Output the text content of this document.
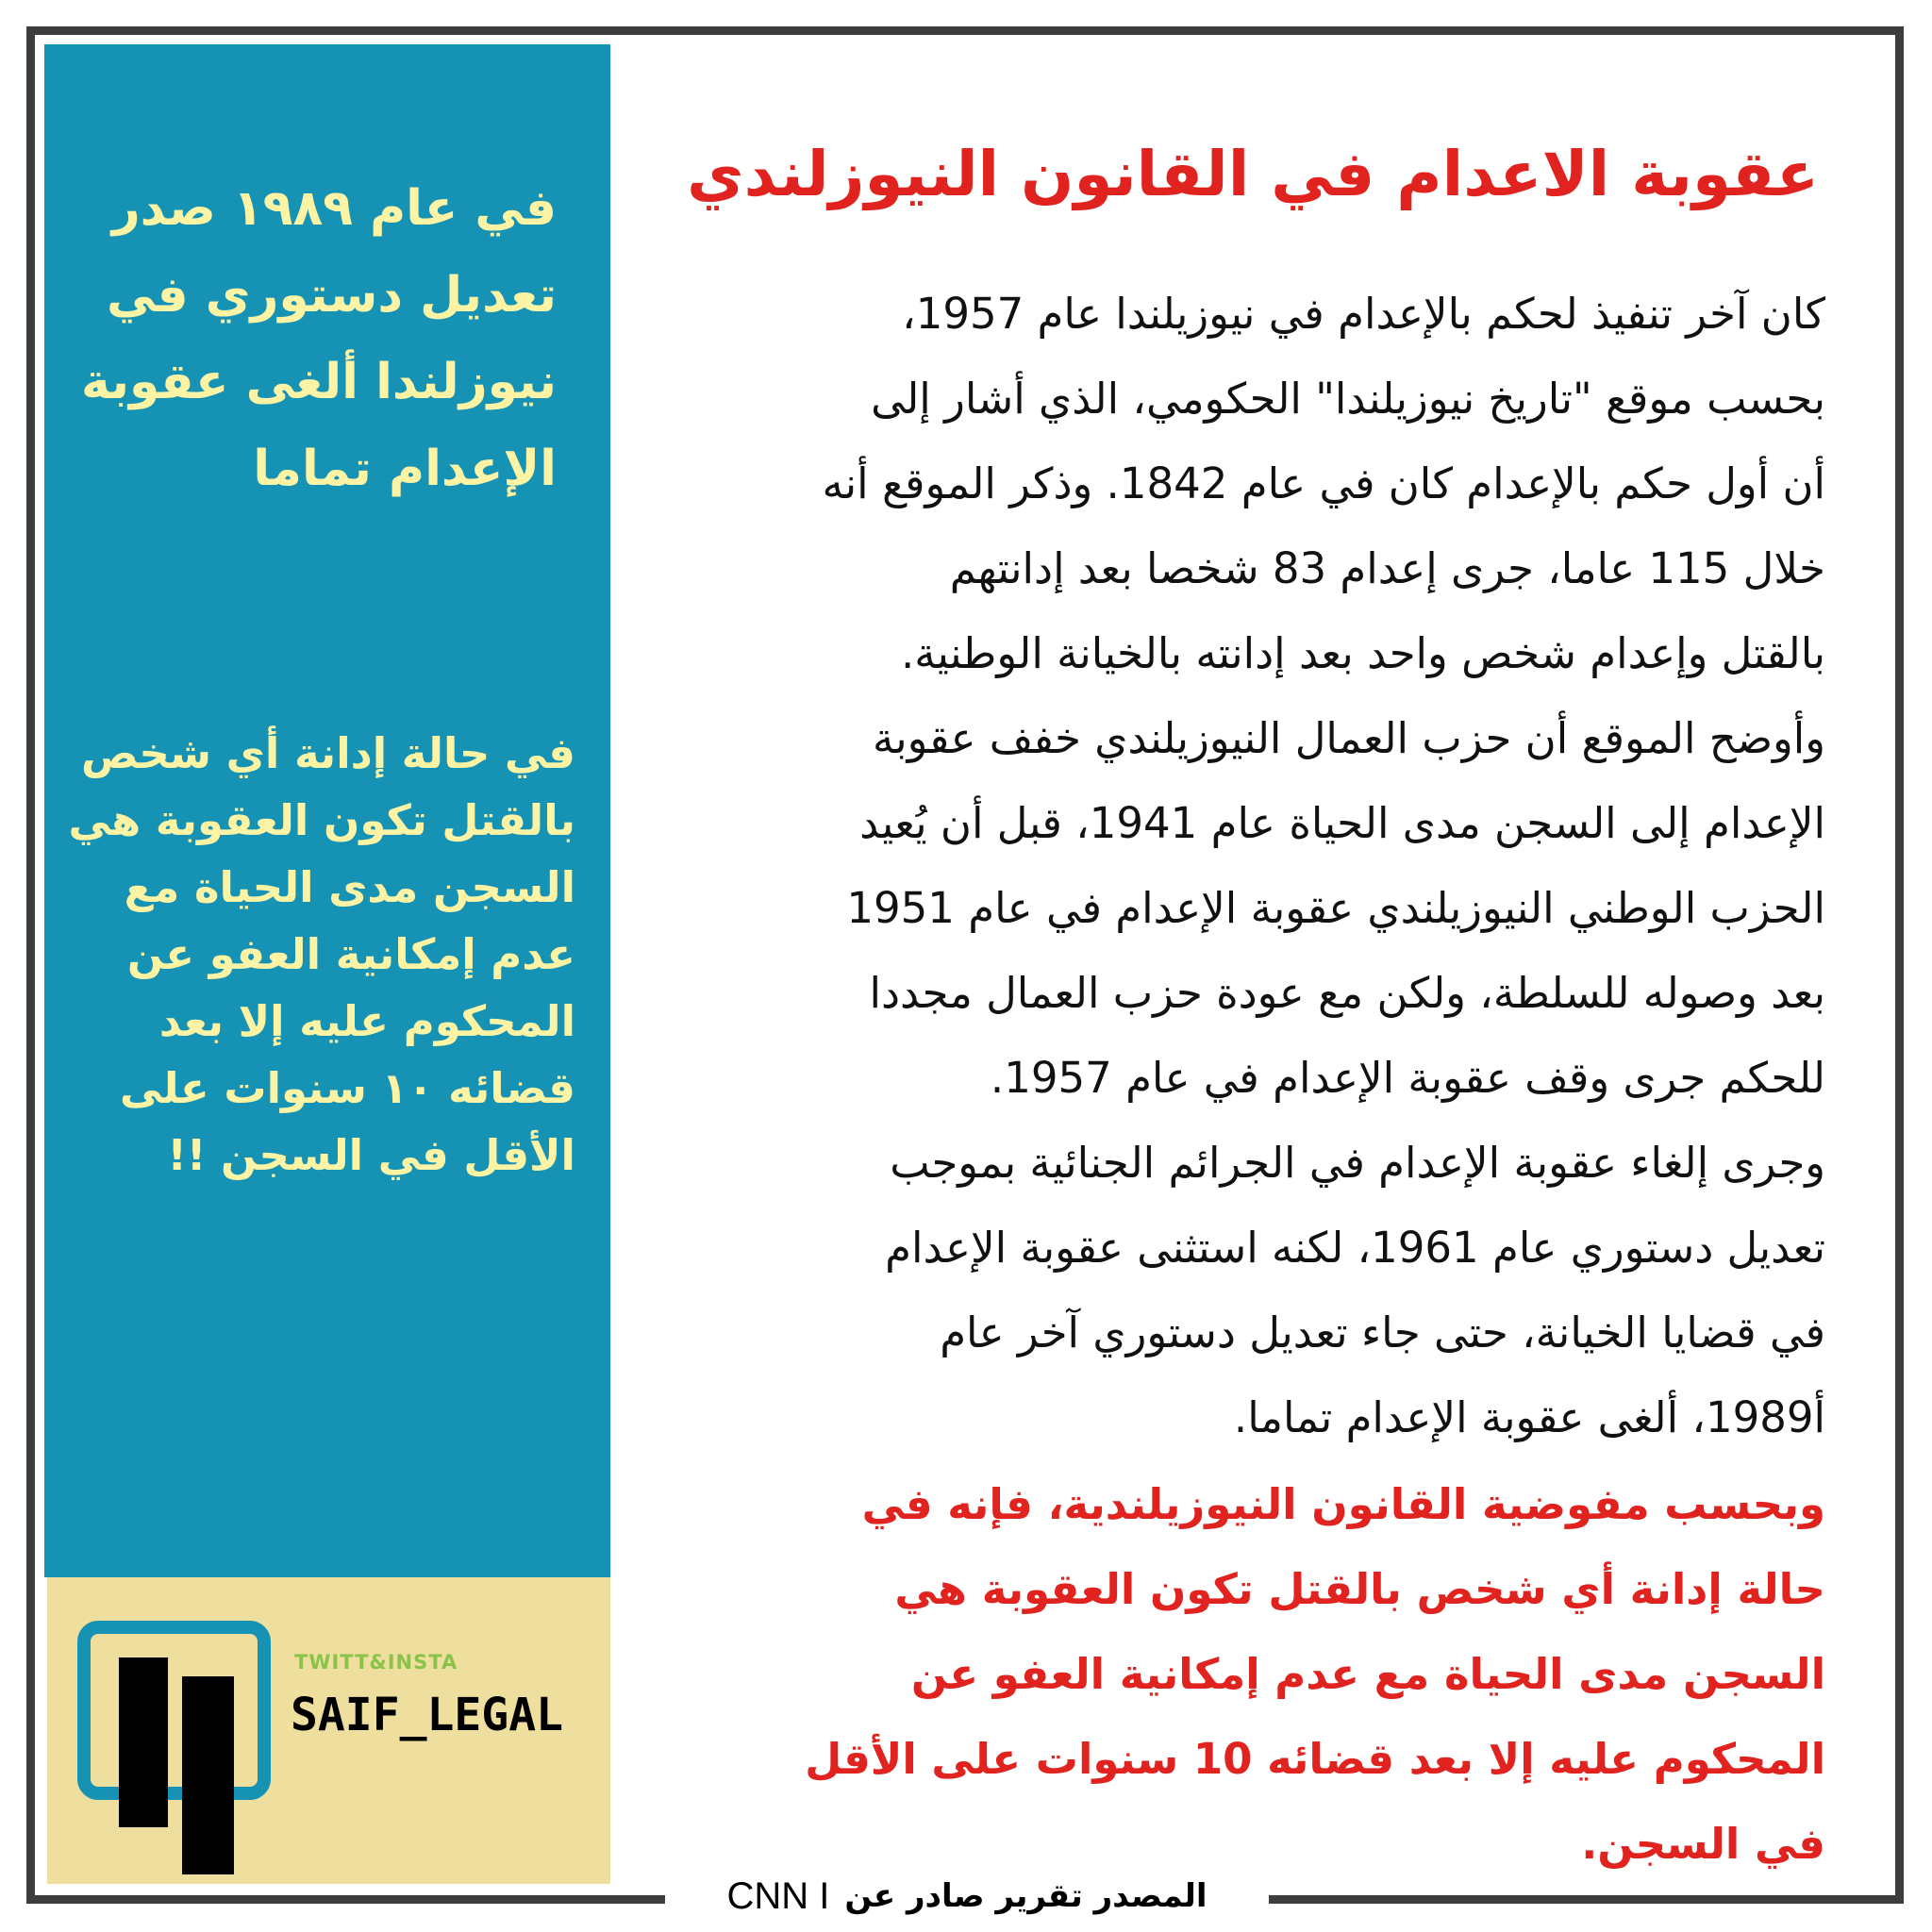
في عام ١٩٨٩ صدر
تعديل دستوري في
نيوزلندا ألغى عقوبة
الإعدام تماما
في حالة إدانة أي شخص
بالقتل تكون العقوبة هي
السجن مدى الحياة مع
عدم إمكانية العفو عن
المحكوم عليه إلا بعد
قضائه ١٠ سنوات على
الأقل في السجن !!
TWITT&INSTA
SAIF_LEGAL
عقوبة الاعدام في القانون النيوزلندي
كان آخر تنفيذ لحكم بالإعدام في نيوزيلندا عام 1957،
بحسب موقع "تاريخ نيوزيلندا" الحكومي، الذي أشار إلى
أن أول حكم بالإعدام كان في عام 1842. وذكر الموقع أنه
خلال 115 عاما، جرى إعدام 83 شخصا بعد إدانتهم
بالقتل وإعدام شخص واحد بعد إدانته بالخيانة الوطنية.
وأوضح الموقع أن حزب العمال النيوزيلندي خفف عقوبة
الإعدام إلى السجن مدى الحياة عام 1941، قبل أن يُعيد
الحزب الوطني النيوزيلندي عقوبة الإعدام في عام 1951
بعد وصوله للسلطة، ولكن مع عودة حزب العمال مجددا
للحكم جرى وقف عقوبة الإعدام في عام 1957.
وجرى إلغاء عقوبة الإعدام في الجرائم الجنائية بموجب
تعديل دستوري عام 1961، لكنه استثنى عقوبة الإعدام
في قضايا الخيانة، حتى جاء تعديل دستوري آخر عام
أ1989، ألغى عقوبة الإعدام تماما.
وبحسب مفوضية القانون النيوزيلندية، فإنه في
حالة إدانة أي شخص بالقتل تكون العقوبة هي
السجن مدى الحياة مع عدم إمكانية العفو عن
المحكوم عليه إلا بعد قضائه 10 سنوات على الأقل
في السجن.
CNN I المصدر تقرير صادر عن
